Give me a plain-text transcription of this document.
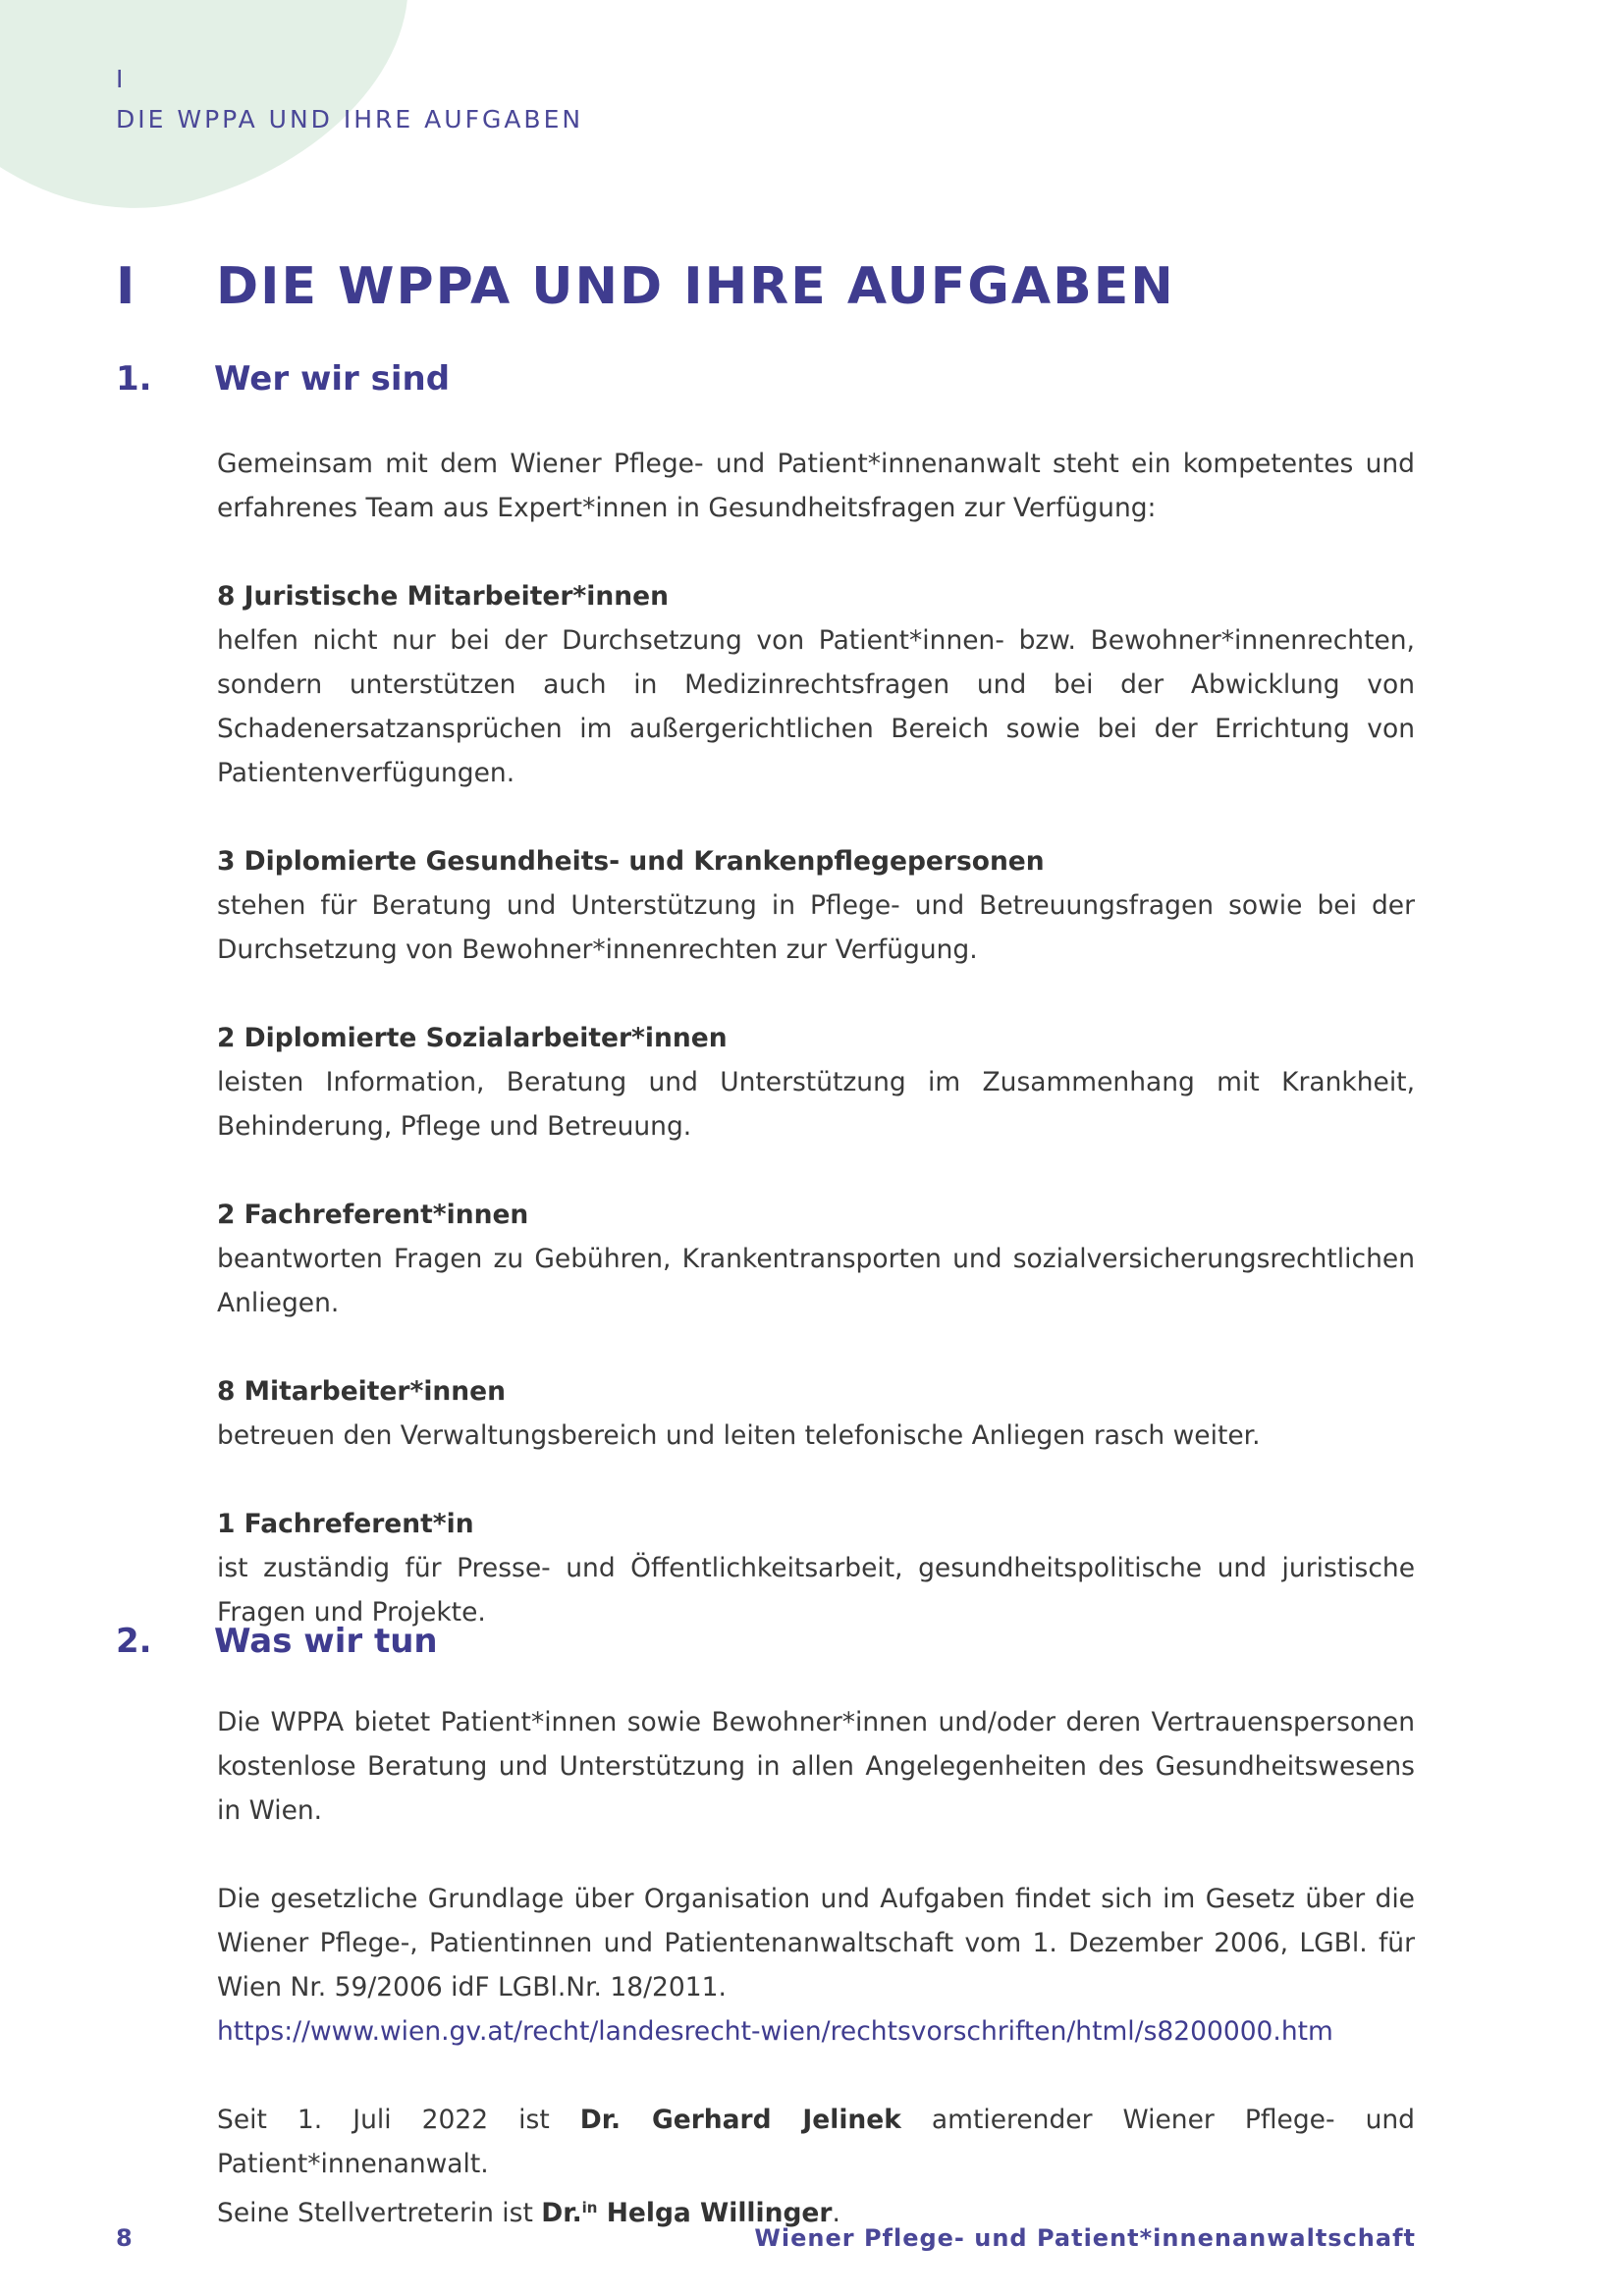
I
DIE WPPA UND IHRE AUFGABEN
I DIE WPPA UND IHRE AUFGABEN
1. Wer wir sind

Gemeinsam mit dem Wiener Pflege- und Patient*innenanwalt steht ein kompetentes und erfahrenes Team aus Expert*innen in Gesundheitsfragen zur Verfügung:

8 Juristische Mitarbeiter*innen

helfen nicht nur bei der Durchsetzung von Patient*innen- bzw. Bewohner*innenrechten, sondern unterstützen auch in Medizinrechtsfragen und bei der Abwicklung von Schadenersatzansprüchen im außergerichtlichen Bereich sowie bei der Errichtung von Patientenverfügungen.

3 Diplomierte Gesundheits- und Krankenpflegepersonen

stehen für Beratung und Unterstützung in Pflege- und Betreuungsfragen sowie bei der Durchsetzung von Bewohner*innenrechten zur Verfügung.

2 Diplomierte Sozialarbeiter*innen

leisten Information, Beratung und Unterstützung im Zusammenhang mit Krankheit, Behinderung, Pflege und Betreuung.

2 Fachreferent*innen

beantworten Fragen zu Gebühren, Krankentransporten und sozialversicherungsrechtlichen Anliegen.

8 Mitarbeiter*innen

betreuen den Verwaltungsbereich und leiten telefonische Anliegen rasch weiter.

1 Fachreferent*in

ist zuständig für Presse- und Öffentlichkeitsarbeit, gesundheitspolitische und juristische Fragen und Projekte.

2. Was wir tun

Die WPPA bietet Patient*innen sowie Bewohner*innen und/oder deren Vertrauenspersonen kostenlose Beratung und Unterstützung in allen Angelegenheiten des Gesundheitswesens in Wien.

Die gesetzliche Grundlage über Organisation und Aufgaben findet sich im Gesetz über die Wiener Pflege-, Patientinnen und Patientenanwaltschaft vom 1. Dezember 2006, LGBl. für Wien Nr. 59/2006 idF LGBl.Nr. 18/2011.

https://www.wien.gv.at/recht/landesrecht-wien/rechtsvorschriften/html/s8200000.htm

Seit 1. Juli 2022 ist Dr. Gerhard Jelinek amtierender Wiener Pflege- und Patient*innenanwalt.

Seine Stellvertreterin ist Dr.$^{in}$ Helga Willinger.

8	Wiener Pflege- und Patient*innenanwaltschaft
